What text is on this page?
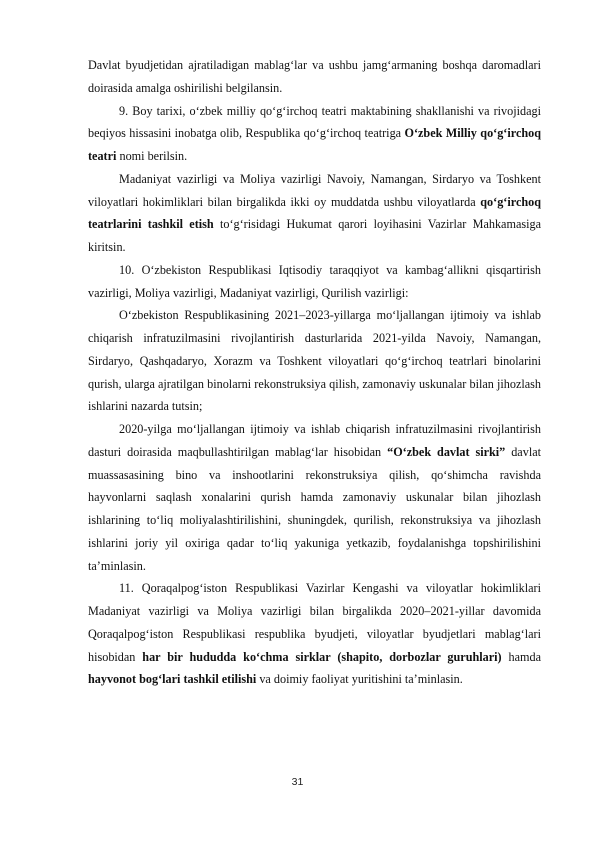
Davlat byudjetidan ajratiladigan mablagʻlar va ushbu jamgʻarmaning boshqa daromadlari doirasida amalga oshirilishi belgilansin.

9. Boy tarixi, oʻzbek milliy qoʻgʻirchoq teatri maktabining shakllanishi va rivojidagi beqiyos hissasini inobatga olib, Respublika qoʻgʻirchoq teatriga Oʻzbek Milliy qoʻgʻirchoq teatri nomi berilsin.

Madaniyat vazirligi va Moliya vazirligi Navoiy, Namangan, Sirdaryo va Toshkent viloyatlari hokimliklari bilan birgalikda ikki oy muddatda ushbu viloyatlarda qoʻgʻirchoq teatrlarini tashkil etish toʻgʻrisidagi Hukumat qarori loyihasini Vazirlar Mahkamasiga kiritsin.

10. Oʻzbekiston Respublikasi Iqtisodiy taraqqiyot va kambagʻallikni qisqartirish vazirligi, Moliya vazirligi, Madaniyat vazirligi, Qurilish vazirligi:

Oʻzbekiston Respublikasining 2021–2023-yillarga moʻljallangan ijtimoiy va ishlab chiqarish infratuzilmasini rivojlantirish dasturlarida 2021-yilda Navoiy, Namangan, Sirdaryo, Qashqadaryo, Xorazm va Toshkent viloyatlari qoʻgʻirchoq teatrlari binolarini qurish, ularga ajratilgan binolarni rekonstruksiya qilish, zamonaviy uskunalar bilan jihozlash ishlarini nazarda tutsin;

2020-yilga moʻljallangan ijtimoiy va ishlab chiqarish infratuzilmasini rivojlantirish dasturi doirasida maqbullashtirilgan mablagʻlar hisobidan “Oʻzbek davlat sirki” davlat muassasasining bino va inshootlarini rekonstruksiya qilish, qoʻshimcha ravishda hayvonlarni saqlash xonalarini qurish hamda zamonaviy uskunalar bilan jihozlash ishlarining toʻliq moliyalashtirilishini, shuningdek, qurilish, rekonstruksiya va jihozlash ishlarini joriy yil oxiriga qadar toʻliq yakuniga yetkazib, foydalanishga topshirilishini taʼminlasin.

11. Qoraqalpogʻiston Respublikasi Vazirlar Kengashi va viloyatlar hokimliklari Madaniyat vazirligi va Moliya vazirligi bilan birgalikda 2020–2021-yillar davomida Qoraqalpogʻiston Respublikasi respublika byudjeti, viloyatlar byudjetlari mablagʻlari hisobidan har bir hududda koʻchma sirklar (shapito, dorbozlar guruhlari) hamda hayvonot bogʻlari tashkil etilishi va doimiy faoliyat yuritishini taʼminlasin.

31
